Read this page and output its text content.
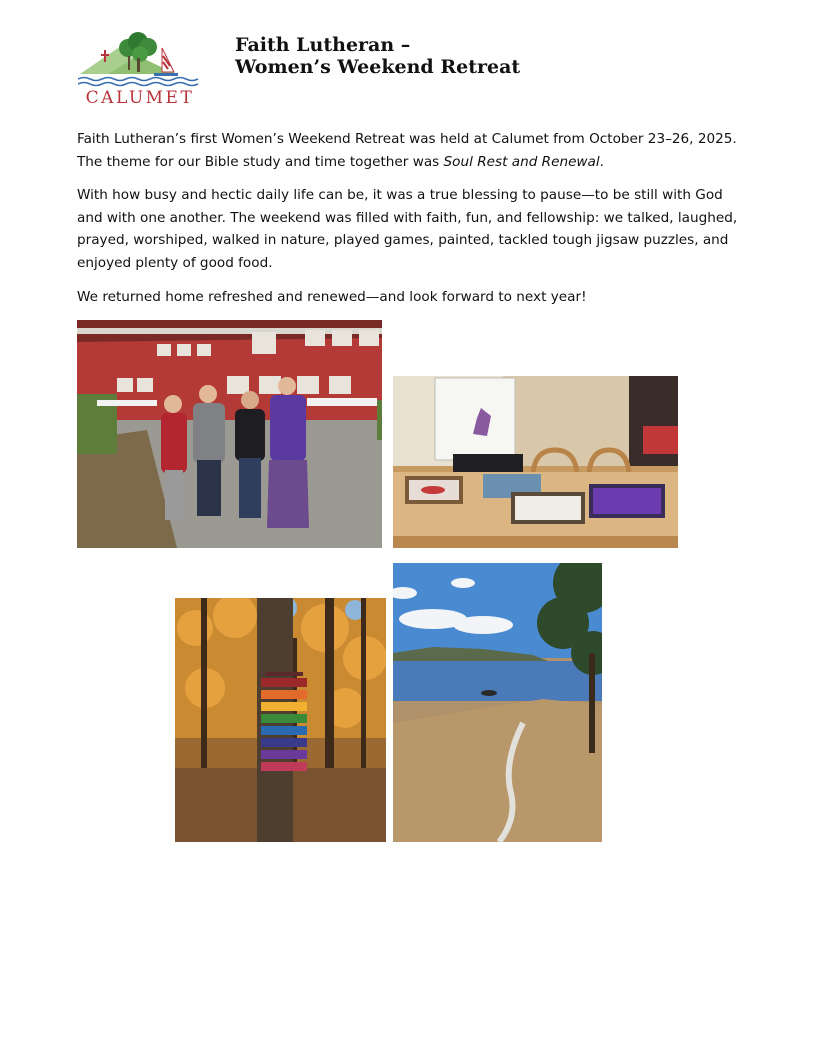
CALUMET
Faith Lutheran –
Women’s Weekend Retreat

Faith Lutheran’s first Women’s Weekend Retreat was held at Calumet from October 23–26, 2025. The theme for our Bible study and time together was Soul Rest and Renewal.

With how busy and hectic daily life can be, it was a true blessing to pause—to be still with God and with one another. The weekend was filled with faith, fun, and fellowship: we talked, laughed, prayed, worshiped, walked in nature, played games, painted, tackled tough jigsaw puzzles, and enjoyed plenty of good food.

We returned home refreshed and renewed—and look forward to next year!
